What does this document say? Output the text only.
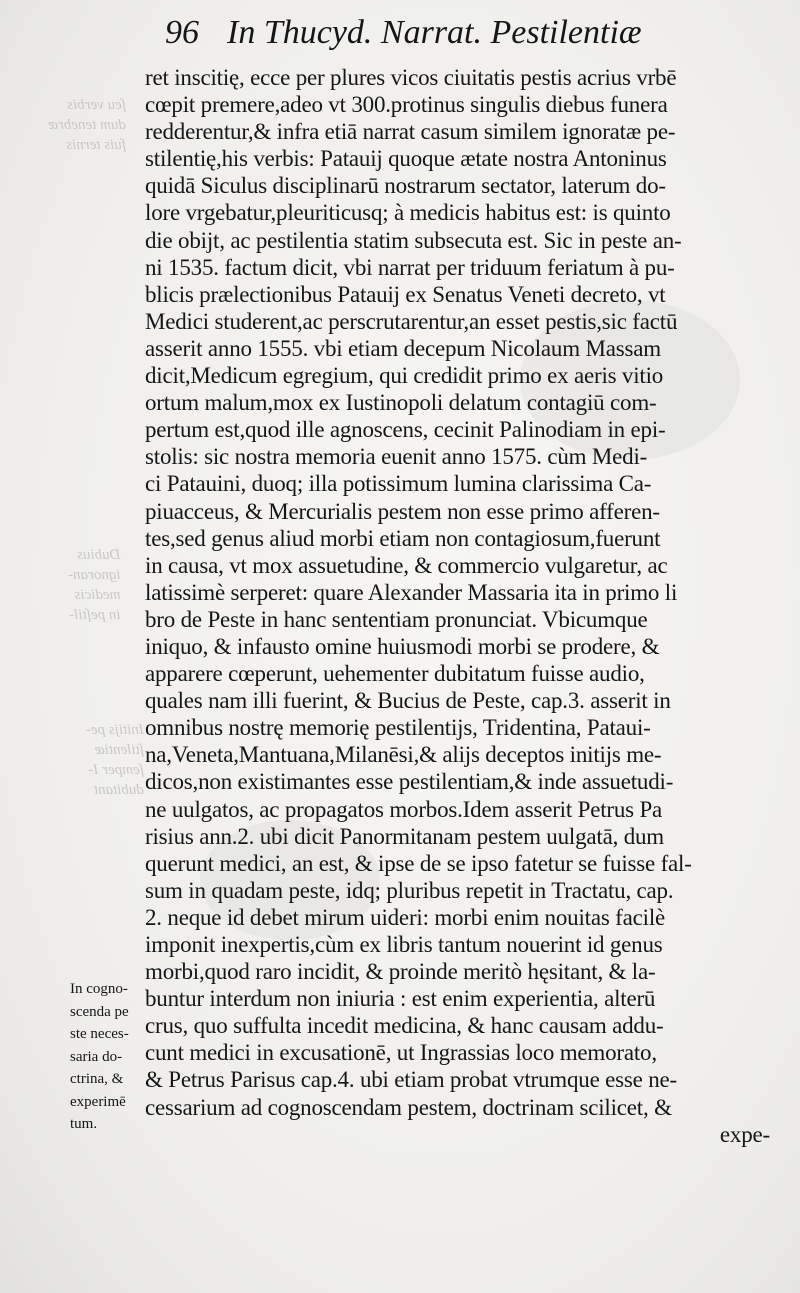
ſeu verbis
dum tenebræ
fuis ternis
Dubius
ignoran-
medicis
in peſtil-
Initijs pe-
ſtilentiæ
ſemper I-
dubitant
96 In Thucyd. Narrat. Pestilentiæ
ret inscitię, ecce per plures vicos ciuitatis pestis acrius vrbē
cœpit premere,adeo vt 300.protinus singulis diebus funera
redderentur,& infra etiā narrat casum similem ignoratæ pe-
stilentię,his verbis: Patauij quoque ætate nostra Antoninus
quidā Siculus disciplinarū nostrarum sectator, laterum do-
lore vrgebatur,pleuriticusq; à medicis habitus est: is quinto
die obijt, ac pestilentia statim subsecuta est. Sic in peste an-
ni 1535. factum dicit, vbi narrat per triduum feriatum à pu-
blicis prælectionibus Patauij ex Senatus Veneti decreto, vt
Medici studerent,ac perscrutarentur,an esset pestis,sic factū
asserit anno 1555. vbi etiam decepum Nicolaum Massam
dicit,Medicum egregium, qui credidit primo ex aeris vitio
ortum malum,mox ex Iustinopoli delatum contagiū com-
pertum est,quod ille agnoscens, cecinit Palinodiam in epi-
stolis: sic nostra memoria euenit anno 1575. cùm Medi-
ci Patauini, duoq; illa potissimum lumina clarissima Ca-
piuacceus, & Mercurialis pestem non esse primo afferen-
tes,sed genus aliud morbi etiam non contagiosum,fuerunt
in causa, vt mox assuetudine, & commercio vulgaretur, ac
latissimè serperet: quare Alexander Massaria ita in primo li
bro de Peste in hanc sententiam pronunciat. Vbicumque
iniquo, & infausto omine huiusmodi morbi se prodere, &
apparere cœperunt, uehementer dubitatum fuisse audio,
quales nam illi fuerint, & Bucius de Peste, cap.3. asserit in
omnibus nostrę memorię pestilentijs, Tridentina, Pataui-
na,Veneta,Mantuana,Milanēsi,& alijs deceptos initijs me-
dicos,non existimantes esse pestilentiam,& inde assuetudi-
ne uulgatos, ac propagatos morbos.Idem asserit Petrus Pa
risius ann.2. ubi dicit Panormitanam pestem uulgatā, dum
querunt medici, an est, & ipse de se ipso fatetur se fuisse fal-
sum in quadam peste, idq; pluribus repetit in Tractatu, cap.
2. neque id debet mirum uideri: morbi enim nouitas facilè
imponit inexpertis,cùm ex libris tantum nouerint id genus
morbi,quod raro incidit, & proinde meritò hęsitant, & la-
buntur interdum non iniuria : est enim experientia, alterū
crus, quo suffulta incedit medicina, & hanc causam addu-
cunt medici in excusationē, ut Ingrassias loco memorato,
& Petrus Parisus cap.4. ubi etiam probat vtrumque esse ne-
cessarium ad cognoscendam pestem, doctrinam scilicet, &
expe-
In cogno-
scenda pe
ste neces-
saria do-
ctrina, &
experimē
tum.
